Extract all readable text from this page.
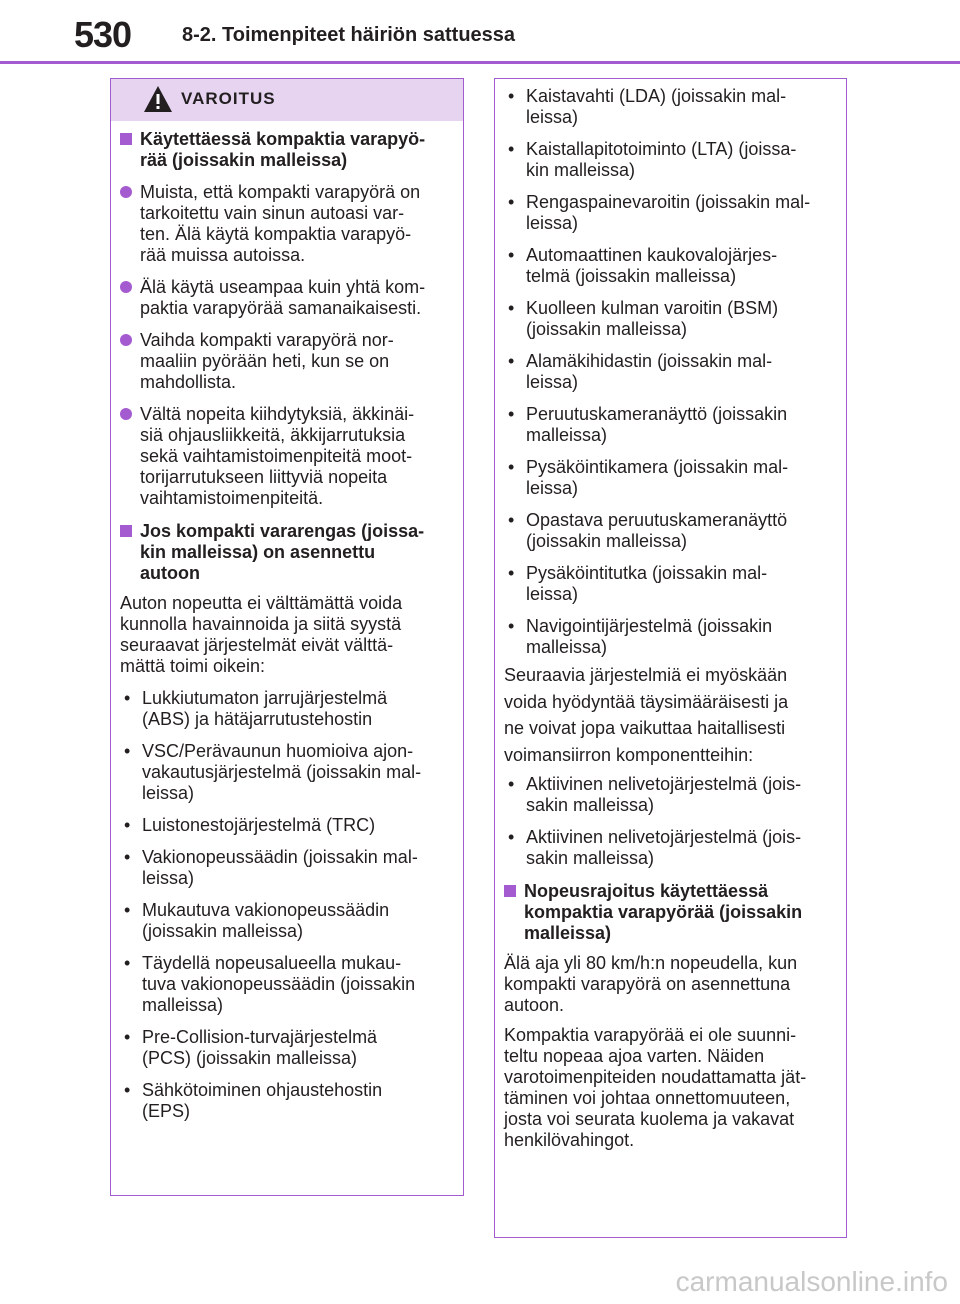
530	8-2. Toimenpiteet häiriön sattuessa
VAROITUS
Käytettäessä kompaktia varapyö-
rää (joissakin malleissa)
Muista, että kompakti varapyörä on
tarkoitettu vain sinun autoasi var-
ten. Älä käytä kompaktia varapyö-
rää muissa autoissa.
Älä käytä useampaa kuin yhtä kom-
paktia varapyörää samanaikaisesti.
Vaihda kompakti varapyörä nor-
maaliin pyörään heti, kun se on
mahdollista.
Vältä nopeita kiihdytyksiä, äkkinäi-
siä ohjausliikkeitä, äkkijarrutuksia
sekä vaihtamistoimenpiteitä moot-
torijarrutukseen liittyviä nopeita
vaihtamistoimenpiteitä.
Jos kompakti vararengas (joissa-
kin malleissa) on asennettu
autoon
Auton nopeutta ei välttämättä voida
kunnolla havainnoida ja siitä syystä
seuraavat järjestelmät eivät välttä-
mättä toimi oikein:
• Lukkiutumaton jarrujärjestelmä
(ABS) ja hätäjarrutustehostin
• VSC/Perävaunun huomioiva ajon-
vakautusjärjestelmä (joissakin mal-
leissa)
• Luistonestojärjestelmä (TRC)
• Vakionopeussäädin (joissakin mal-
leissa)
• Mukautuva vakionopeussäädin
(joissakin malleissa)
• Täydellä nopeusalueella mukau-
tuva vakionopeussäädin (joissakin
malleissa)
• Pre-Collision-turvajärjestelmä
(PCS) (joissakin malleissa)
• Sähkötoiminen ohjaustehostin
(EPS)
• Kaistavahti (LDA) (joissakin mal-
leissa)
• Kaistallapitotoiminto (LTA) (joissa-
kin malleissa)
• Rengaspainevaroitin (joissakin mal-
leissa)
• Automaattinen kaukovalojärjes-
telmä (joissakin malleissa)
• Kuolleen kulman varoitin (BSM)
(joissakin malleissa)
• Alamäkihidastin (joissakin mal-
leissa)
• Peruutuskameranäyttö (joissakin
malleissa)
• Pysäköintikamera (joissakin mal-
leissa)
• Opastava peruutuskameranäyttö
(joissakin malleissa)
• Pysäköintitutka (joissakin mal-
leissa)
• Navigointijärjestelmä (joissakin
malleissa)
Seuraavia järjestelmiä ei myöskään
voida hyödyntää täysimääräisesti ja
ne voivat jopa vaikuttaa haitallisesti
voimansiirron komponentteihin:
• Aktiivinen nelivetojärjestelmä (jois-
sakin malleissa)
• Aktiivinen nelivetojärjestelmä (jois-
sakin malleissa)
Nopeusrajoitus käytettäessä
kompaktia varapyörää (joissakin
malleissa)
Älä aja yli 80 km/h:n nopeudella, kun
kompakti varapyörä on asennettuna
autoon.
Kompaktia varapyörää ei ole suunni-
teltu nopeaa ajoa varten. Näiden
varotoimenpiteiden noudattamatta jät-
täminen voi johtaa onnettomuuteen,
josta voi seurata kuolema ja vakavat
henkilövahingot.
carmanualsonline.info
